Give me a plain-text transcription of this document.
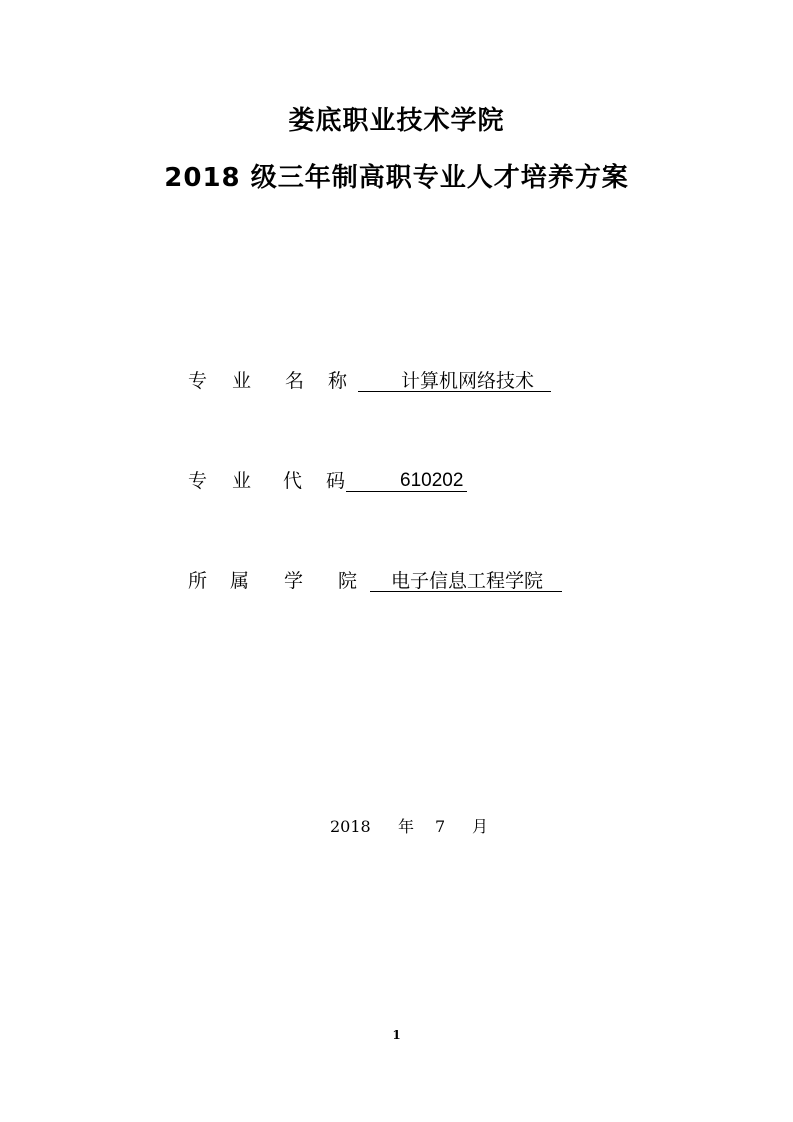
娄底职业技术学院
2018 级三年制高职专业人才培养方案
专 业 名 称	计算机网络技术
专 业 代 码	610202
所 属 学 院 电子信息工程学院
2018 年 7 月
1
